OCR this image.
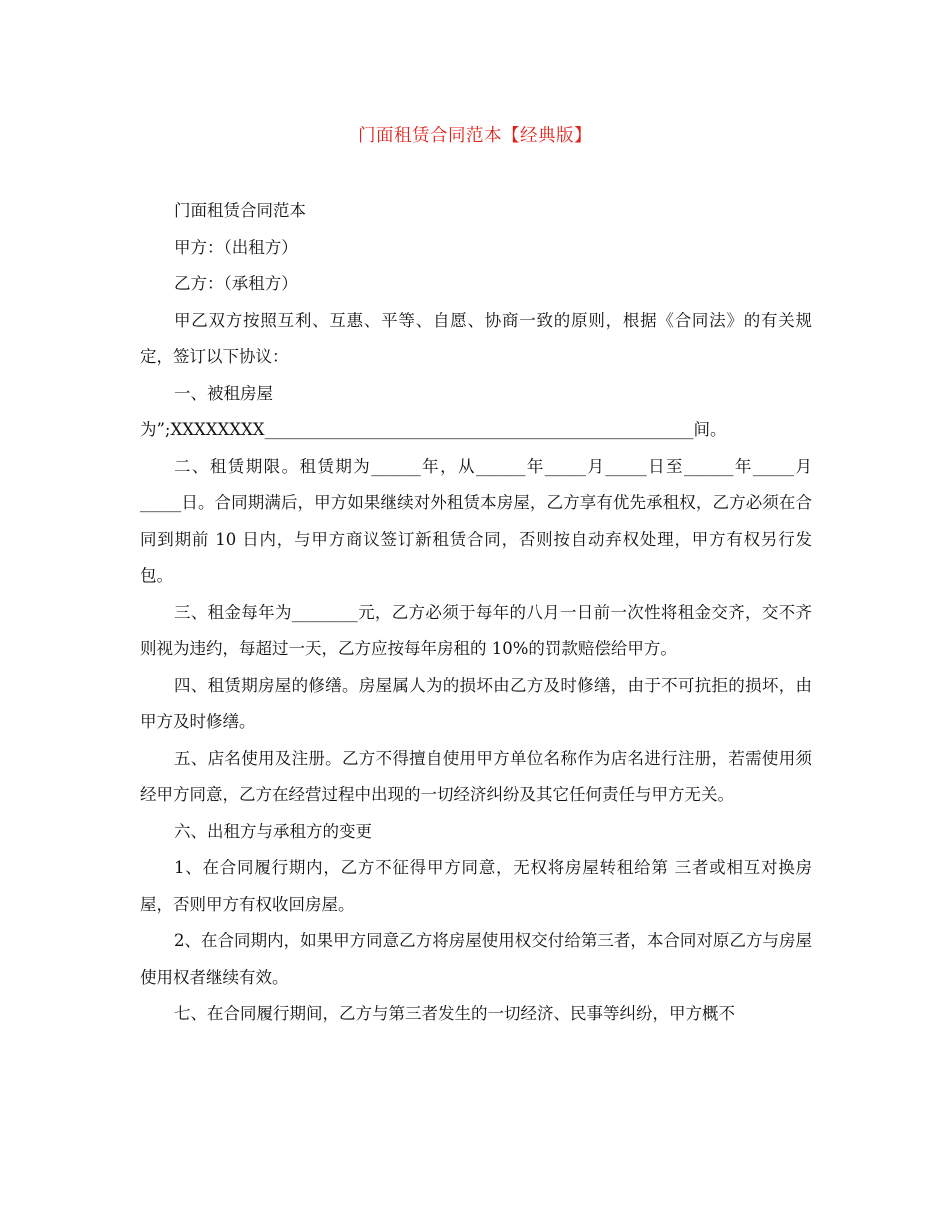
门面租赁合同范本【经典版】

门面租赁合同范本

甲方：（出租方）

乙方：（承租方）

甲乙双方按照互利、互惠、平等、自愿、协商一致的原则，根据《合同法》的有关规定，签订以下协议：

一、被租房屋

为”;XXXXXXXX____________________________________________________间。

二、租赁期限。租赁期为______年，从______年_____月_____日至______年_____月_____日。合同期满后，甲方如果继续对外租赁本房屋，乙方享有优先承租权，乙方必须在合同到期前 10 日内，与甲方商议签订新租赁合同，否则按自动弃权处理，甲方有权另行发包。

三、租金每年为________元，乙方必须于每年的八月一日前一次性将租金交齐，交不齐则视为违约，每超过一天，乙方应按每年房租的 10%的罚款赔偿给甲方。

四、租赁期房屋的修缮。房屋属人为的损坏由乙方及时修缮，由于不可抗拒的损坏，由甲方及时修缮。

五、店名使用及注册。乙方不得擅自使用甲方单位名称作为店名进行注册，若需使用须经甲方同意，乙方在经营过程中出现的一切经济纠纷及其它任何责任与甲方无关。

六、出租方与承租方的变更

1、在合同履行期内，乙方不征得甲方同意，无权将房屋转租给第 三者或相互对换房屋，否则甲方有权收回房屋。

2、在合同期内，如果甲方同意乙方将房屋使用权交付给第三者，本合同对原乙方与房屋使用权者继续有效。

七、在合同履行期间，乙方与第三者发生的一切经济、民事等纠纷，甲方概不
